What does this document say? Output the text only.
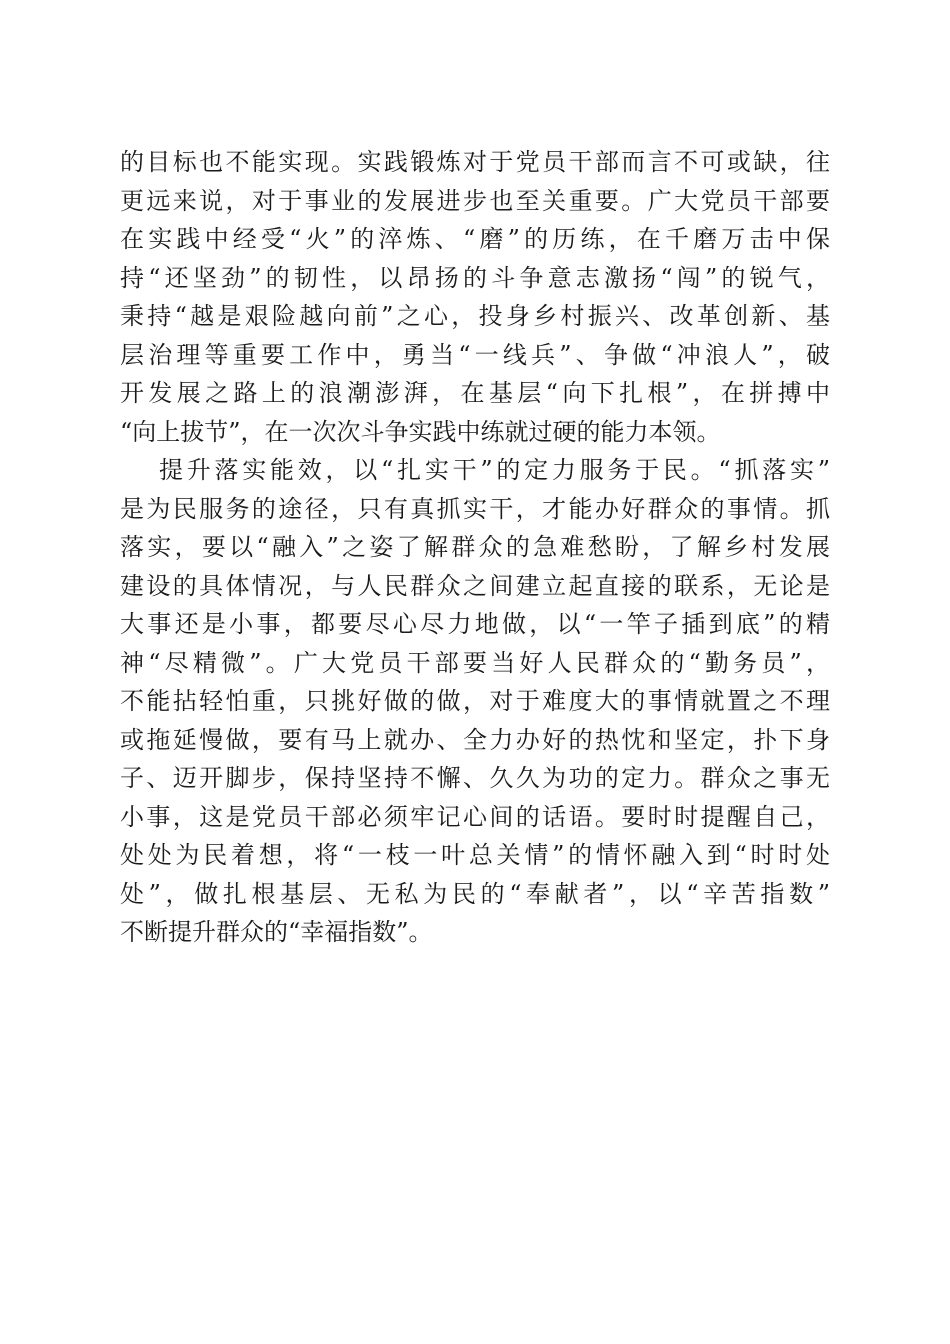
的目标也不能实现。实践锻炼对于党员干部而言不可或缺，往
更远来说，对于事业的发展进步也至关重要。广大党员干部要
在实践中经受“火”的淬炼、“磨”的历练，在千磨万击中保
持“还坚劲”的韧性，以昂扬的斗争意志激扬“闯”的锐气，
秉持“越是艰险越向前”之心，投身乡村振兴、改革创新、基
层治理等重要工作中，勇当“一线兵”、争做“冲浪人”，破
开发展之路上的浪潮澎湃，在基层“向下扎根”，在拼搏中
“向上拔节”，在一次次斗争实践中练就过硬的能力本领。
提升落实能效，以“扎实干”的定力服务于民。“抓落实”
是为民服务的途径，只有真抓实干，才能办好群众的事情。抓
落实，要以“融入”之姿了解群众的急难愁盼，了解乡村发展
建设的具体情况，与人民群众之间建立起直接的联系，无论是
大事还是小事，都要尽心尽力地做，以“一竿子插到底”的精
神“尽精微”。广大党员干部要当好人民群众的“勤务员”，
不能拈轻怕重，只挑好做的做，对于难度大的事情就置之不理
或拖延慢做，要有马上就办、全力办好的热忱和坚定，扑下身
子、迈开脚步，保持坚持不懈、久久为功的定力。群众之事无
小事，这是党员干部必须牢记心间的话语。要时时提醒自己，
处处为民着想，将“一枝一叶总关情”的情怀融入到“时时处
处”，做扎根基层、无私为民的“奉献者”，以“辛苦指数”
不断提升群众的“幸福指数”。
